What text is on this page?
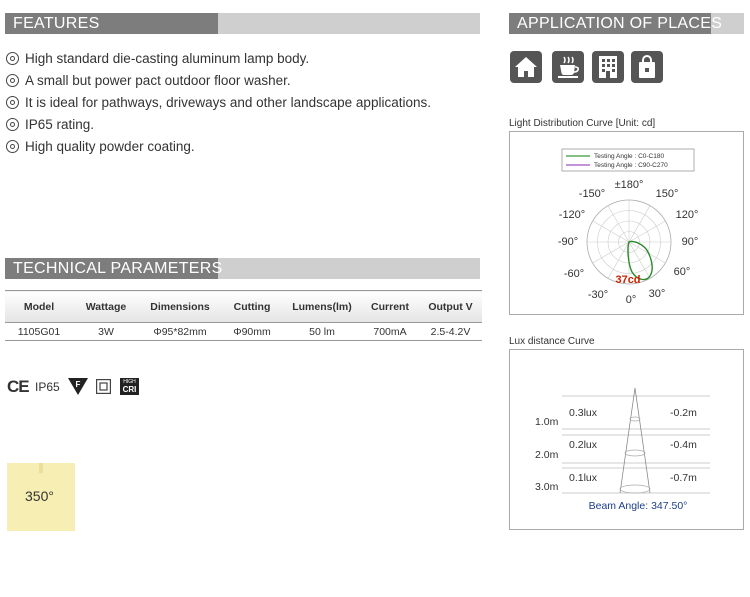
FEATURES
High standard die-casting aluminum lamp body.
A small but power pact outdoor floor washer.
It is ideal for pathways, driveways and other landscape applications.
IP65 rating.
High quality powder coating.
TECHNICAL PARAMETERS
Model	Wattage	Dimensions	Cutting	Lumens(lm)	Current	Output V
1105G01	3W	Φ95*82mm	Φ90mm	50 lm	700mA	2.5-4.2V
CE IP65 F	HIGH
CRI
350°
APPLICATION OF PLACES
Light Distribution Curve [Unit: cd]
Testing Angle : C0-C180
Testing Angle : C90-C270
±180°
150°
120°
90°
60°
30°
0°
-30°
-60°
-90°
-120°
-150°
37cd
Lux distance Curve
1.0m
2.0m
3.0m
0.3lux
0.2lux
0.1lux
-0.2m
-0.4m
-0.7m
Beam Angle: 347.50°
